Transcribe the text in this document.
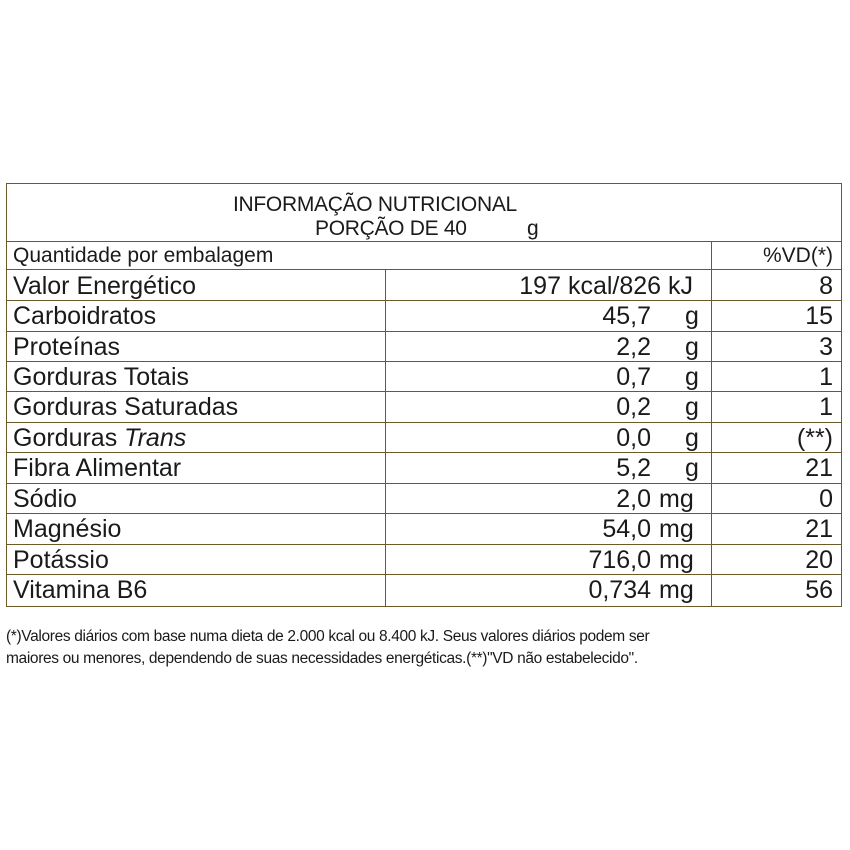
INFORMAÇÃO NUTRICIONAL
PORÇÃO DE 40	g
Quantidade por embalagem	%VD(*)
Valor Energético	197 kcal/826 kJ	8
Carboidratos	45,7 g	15
Proteínas	2,2 g	3
Gorduras Totais	0,7 g	1
Gorduras Saturadas	0,2 g	1
Gorduras Trans	0,0 g	(**)
Fibra Alimentar	5,2 g	21
Sódio	2,0 mg	0
Magnésio	54,0 mg	21
Potássio	716,0 mg	20
Vitamina B6	0,734 mg	56
(*)Valores diários com base numa dieta de 2.000 kcal ou 8.400 kJ. Seus valores diários podem ser
maiores ou menores, dependendo de suas necessidades energéticas.(**)"VD não estabelecido".
